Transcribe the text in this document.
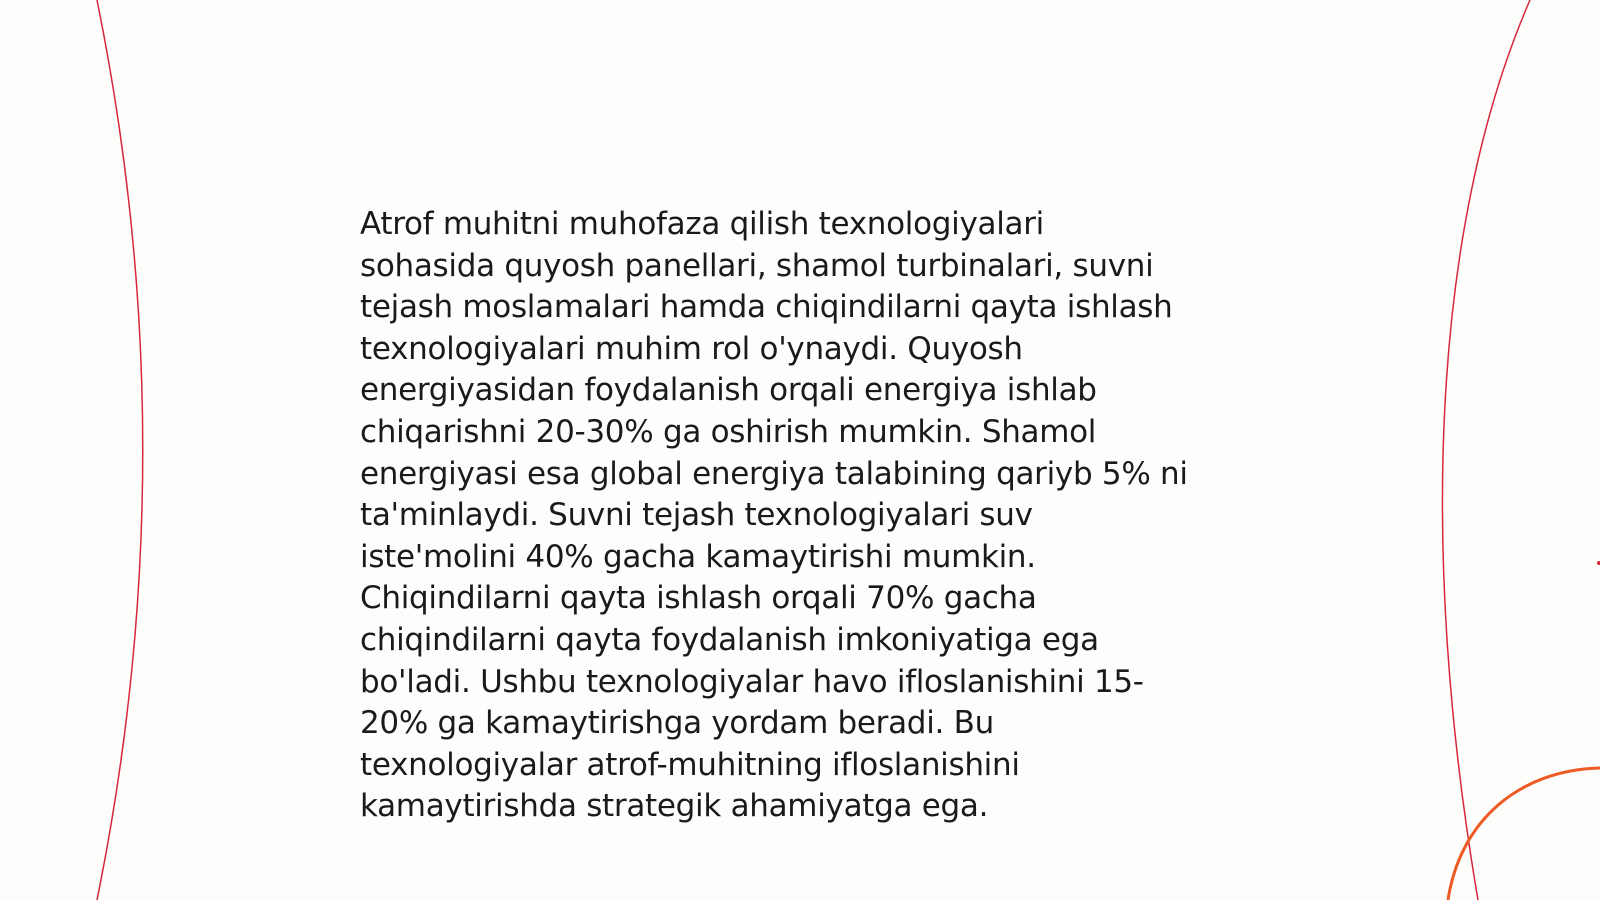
Atrof muhitni muhofaza qilish texnologiyalari
sohasida quyosh panellari, shamol turbinalari, suvni
tejash moslamalari hamda chiqindilarni qayta ishlash
texnologiyalari muhim rol o'ynaydi. Quyosh
energiyasidan foydalanish orqali energiya ishlab
chiqarishni 20-30% ga oshirish mumkin. Shamol
energiyasi esa global energiya talabining qariyb 5% ni
ta'minlaydi. Suvni tejash texnologiyalari suv
iste'molini 40% gacha kamaytirishi mumkin.
Chiqindilarni qayta ishlash orqali 70% gacha
chiqindilarni qayta foydalanish imkoniyatiga ega
bo'ladi. Ushbu texnologiyalar havo ifloslanishini 15-
20% ga kamaytirishga yordam beradi. Bu
texnologiyalar atrof-muhitning ifloslanishini
kamaytirishda strategik ahamiyatga ega.
